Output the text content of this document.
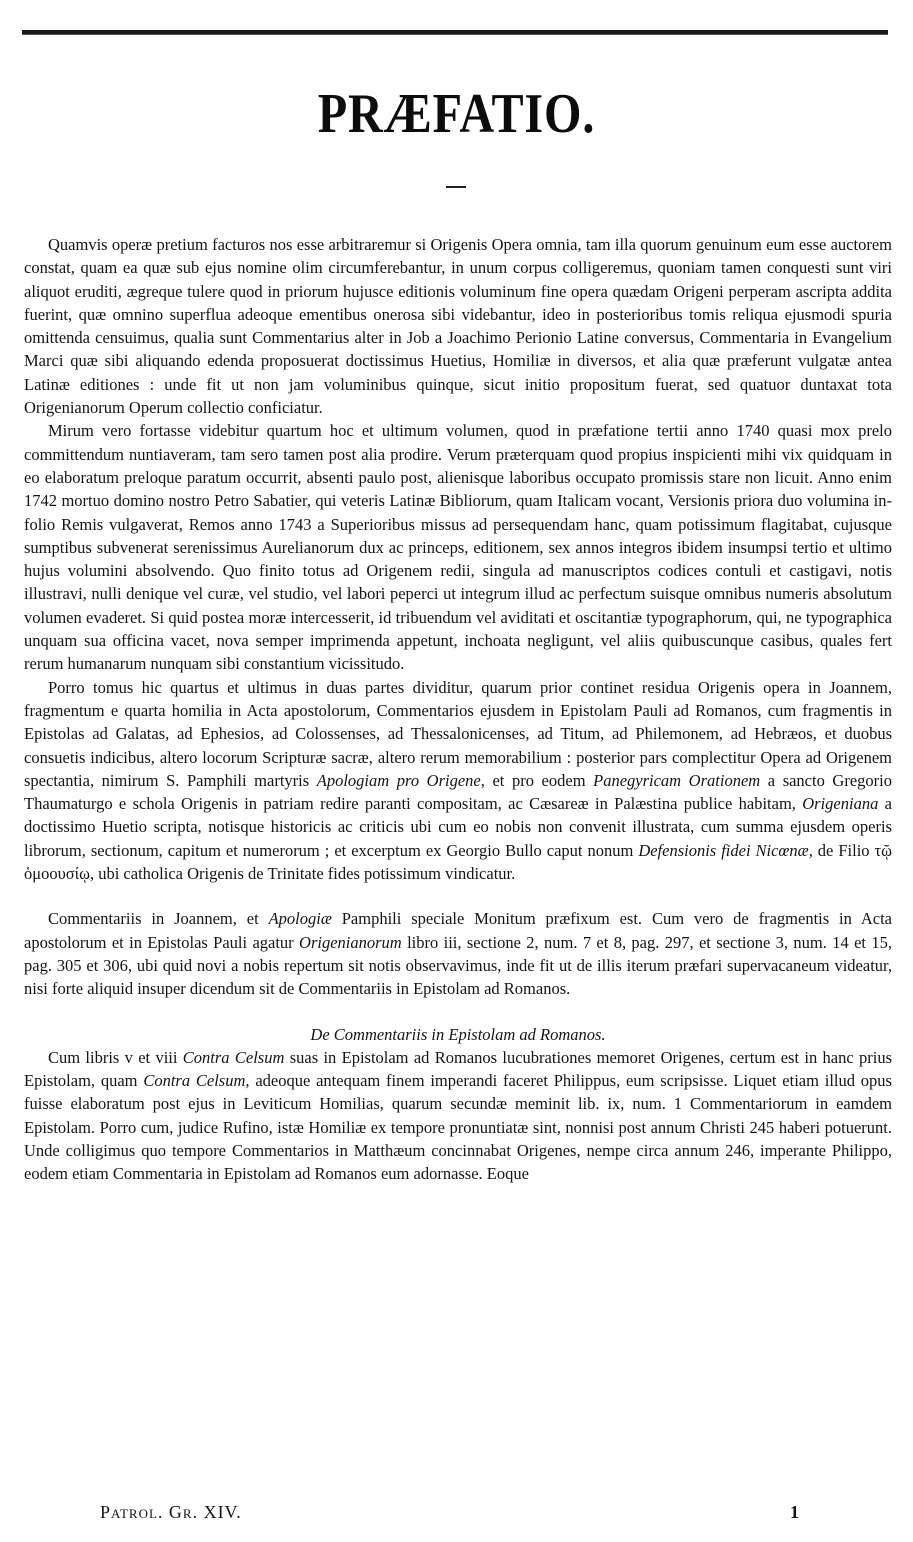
PRÆFATIO.

Quamvis operæ pretium facturos nos esse arbitraremur si Origenis Opera omnia, tam illa quorum genuinum eum esse auctorem constat, quam ea quæ sub ejus nomine olim circumferebantur, in unum corpus colligeremus, quoniam tamen conquesti sunt viri aliquot eruditi, ægreque tulere quod in priorum hujusce editionis voluminum fine opera quædam Origeni perperam ascripta addita fuerint, quæ omnino superflua adeoque ementibus onerosa sibi videbantur, ideo in posterioribus tomis reliqua ejusmodi spuria omittenda censuimus, qualia sunt Commentarius alter in Job a Joachimo Perionio Latine conversus, Commentaria in Evangelium Marci quæ sibi aliquando edenda proposuerat doctissimus Huetius, Homiliæ in diversos, et alia quæ præferunt vulgatæ antea Latinæ editiones : unde fit ut non jam voluminibus quinque, sicut initio propositum fuerat, sed quatuor duntaxat tota Origenianorum Operum collectio conficiatur.

Mirum vero fortasse videbitur quartum hoc et ultimum volumen, quod in præfatione tertii anno 1740 quasi mox prelo committendum nuntiaveram, tam sero tamen post alia prodire. Verum præterquam quod propius inspicienti mihi vix quidquam in eo elaboratum preloque paratum occurrit, absenti paulo post, alienisque laboribus occupato promissis stare non licuit. Anno enim 1742 mortuo domino nostro Petro Sabatier, qui veteris Latinæ Bibliorum, quam Italicam vocant, Versionis priora duo volumina in-folio Remis vulgaverat, Remos anno 1743 a Superioribus missus ad persequendam hanc, quam potissimum flagitabat, cujusque sumptibus subvenerat serenissimus Aurelianorum dux ac princeps, editionem, sex annos integros ibidem insumpsi tertio et ultimo hujus volumini absolvendo. Quo finito totus ad Origenem redii, singula ad manuscriptos codices contuli et castigavi, notis illustravi, nulli denique vel curæ, vel studio, vel labori peperci ut integrum illud ac perfectum suisque omnibus numeris absolutum volumen evaderet. Si quid postea moræ intercesserit, id tribuendum vel aviditati et oscitantiæ typographorum, qui, ne typographica unquam sua officina vacet, nova semper imprimenda appetunt, inchoata negligunt, vel aliis quibuscunque casibus, quales fert rerum humanarum nunquam sibi constantium vicissitudo.

Porro tomus hic quartus et ultimus in duas partes dividitur, quarum prior continet residua Origenis opera in Joannem, fragmentum e quarta homilia in Acta apostolorum, Commentarios ejusdem in Epistolam Pauli ad Romanos, cum fragmentis in Epistolas ad Galatas, ad Ephesios, ad Colossenses, ad Thessalonicenses, ad Titum, ad Philemonem, ad Hebræos, et duobus consuetis indicibus, altero locorum Scripturæ sacræ, altero rerum memorabilium : posterior pars complectitur Opera ad Origenem spectantia, nimirum S. Pamphili martyris Apologiam pro Origene, et pro eodem Panegyricam Orationem a sancto Gregorio Thaumaturgo e schola Origenis in patriam redire paranti compositam, ac Cæsareæ in Palæstina publice habitam, Origeniana a doctissimo Huetio scripta, notisque historicis ac criticis ubi cum eo nobis non convenit illustrata, cum summa ejusdem operis librorum, sectionum, capitum et numerorum ; et excerptum ex Georgio Bullo caput nonum Defensionis fidei Nicœnæ, de Filio τῷ ὁμοουσίῳ, ubi catholica Origenis de Trinitate fides potissimum vindicatur.

Commentariis in Joannem, et Apologiæ Pamphili speciale Monitum præfixum est. Cum vero de fragmentis in Acta apostolorum et in Epistolas Pauli agatur Origenianorum libro iii, sectione 2, num. 7 et 8, pag. 297, et sectione 3, num. 14 et 15, pag. 305 et 306, ubi quid novi a nobis repertum sit notis observavimus, inde fit ut de illis iterum præfari supervacaneum videatur, nisi forte aliquid insuper dicendum sit de Commentariis in Epistolam ad Romanos.

De Commentariis in Epistolam ad Romanos.

Cum libris v et viii Contra Celsum suas in Epistolam ad Romanos lucubrationes memoret Origenes, certum est in hanc prius Epistolam, quam Contra Celsum, adeoque antequam finem imperandi faceret Philippus, eum scripsisse. Liquet etiam illud opus fuisse elaboratum post ejus in Leviticum Homilias, quarum secundæ meminit lib. ix, num. 1 Commentariorum in eamdem Epistolam. Porro cum, judice Rufino, istæ Homiliæ ex tempore pronuntiatæ sint, nonnisi post annum Christi 245 haberi potuerunt. Unde colligimus quo tempore Commentarios in Matthæum concinnabat Origenes, nempe circa annum 246, imperante Philippo, eodem etiam Commentaria in Epistolam ad Romanos eum adornasse. Eoque

Patrol. Gr. XIV.	1
